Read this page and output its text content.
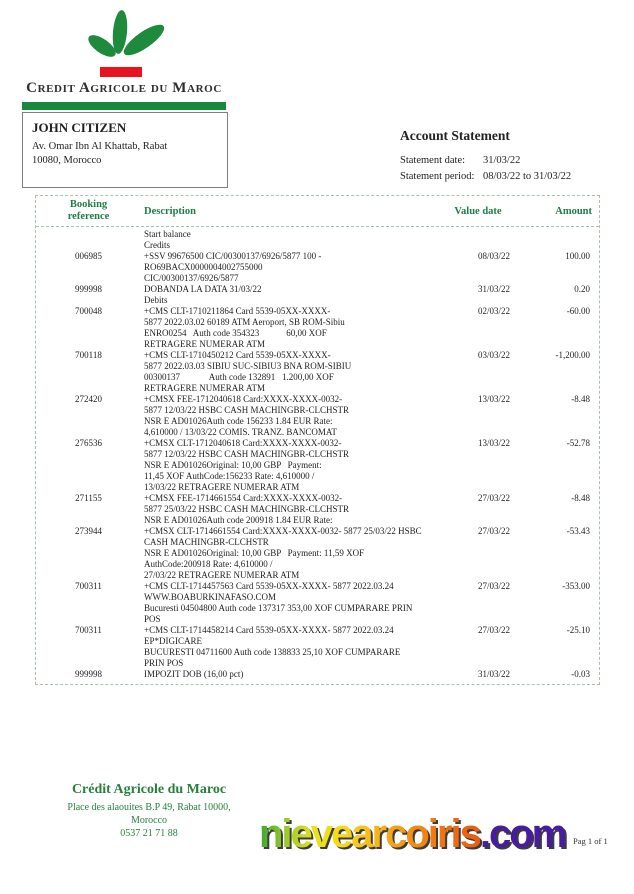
Credit Agricole du Maroc
JOHN CITIZEN
Av. Omar Ibn Al Khattab, Rabat
10080, Morocco
Account Statement
Statement date:	31/03/22
Statement period: 08/03/22 to 31/03/22
Booking reference	Description	Value date	Amount
Start balance
Credits
006985	+SSV 99676500 CIC/00300137/6926/5877 100 -
RO69BACX0000004002755000
CIC/00300137/6926/5877
08/03/22	100.00
999998	DOBANDA LA DATA 31/03/22	31/03/22	0.20
Debits
700048	+CMS CLT-1710211864 Card 5539-05XX-XXXX-
5877 2022.03.02 60189 ATM Aeroport, SB ROM-Sibiu
ENRO0254   Auth code 354323            60,00 XOF
RETRAGERE NUMERAR ATM
02/03/22	-60.00
700118	+CMS CLT-1710450212 Card 5539-05XX-XXXX-
5877 2022.03.03 SIBIU SUC-SIBIU3 BNA ROM-SIBIU
00300137             Auth code 132891   1.200,00 XOF
RETRAGERE NUMERAR ATM
03/03/22	-1,200.00
272420	+CMSX FEE-1712040618 Card:XXXX-XXXX-0032-
5877 12/03/22 HSBC CASH MACHINGBR-CLCHSTR
NSR E AD01026Auth code 156233 1.84 EUR Rate:
4,610000 / 13/03/22 COMIS. TRANZ. BANCOMAT
13/03/22	-8.48
276536	+CMSX CLT-1712040618 Card:XXXX-XXXX-0032-
5877 12/03/22 HSBC CASH MACHINGBR-CLCHSTR
NSR E AD01026Original: 10,00 GBP   Payment:
11,45 XOF AuthCode:156233 Rate: 4,610000 /
13/03/22 RETRAGERE NUMERAR ATM
13/03/22	-52.78
271155	+CMSX FEE-1714661554 Card:XXXX-XXXX-0032-
5877 25/03/22 HSBC CASH MACHINGBR-CLCHSTR
NSR E AD01026Auth code 200918 1.84 EUR Rate:
27/03/22	-8.48
273944	+CMSX CLT-1714661554 Card:XXXX-XXXX-0032- 5877 25/03/22 HSBC
CASH MACHINGBR-CLCHSTR
NSR E AD01026Original: 10,00 GBP   Payment: 11,59 XOF
AuthCode:200918 Rate: 4,610000 /
27/03/22 RETRAGERE NUMERAR ATM
27/03/22	-53.43
700311	+CMS CLT-1714457563 Card 5539-05XX-XXXX- 5877 2022.03.24
WWW.BOABURKINAFASO.COM
Bucuresti 04504800 Auth code 137317 353,00 XOF CUMPARARE PRIN
POS
27/03/22	-353.00
700311	+CMS CLT-1714458214 Card 5539-05XX-XXXX- 5877 2022.03.24
EP*DIGICARE
BUCURESTI 04711600 Auth code 138833 25,10 XOF CUMPARARE
PRIN POS
27/03/22	-25.10
999998	IMPOZIT DOB (16,00 pct)	31/03/22	-0.03
Crédit Agricole du Maroc
Place des alaouites B.P 49, Rabat 10000,
Morocco
0537 21 71 88
Pag 1 of 1
nievearcoiris.com
